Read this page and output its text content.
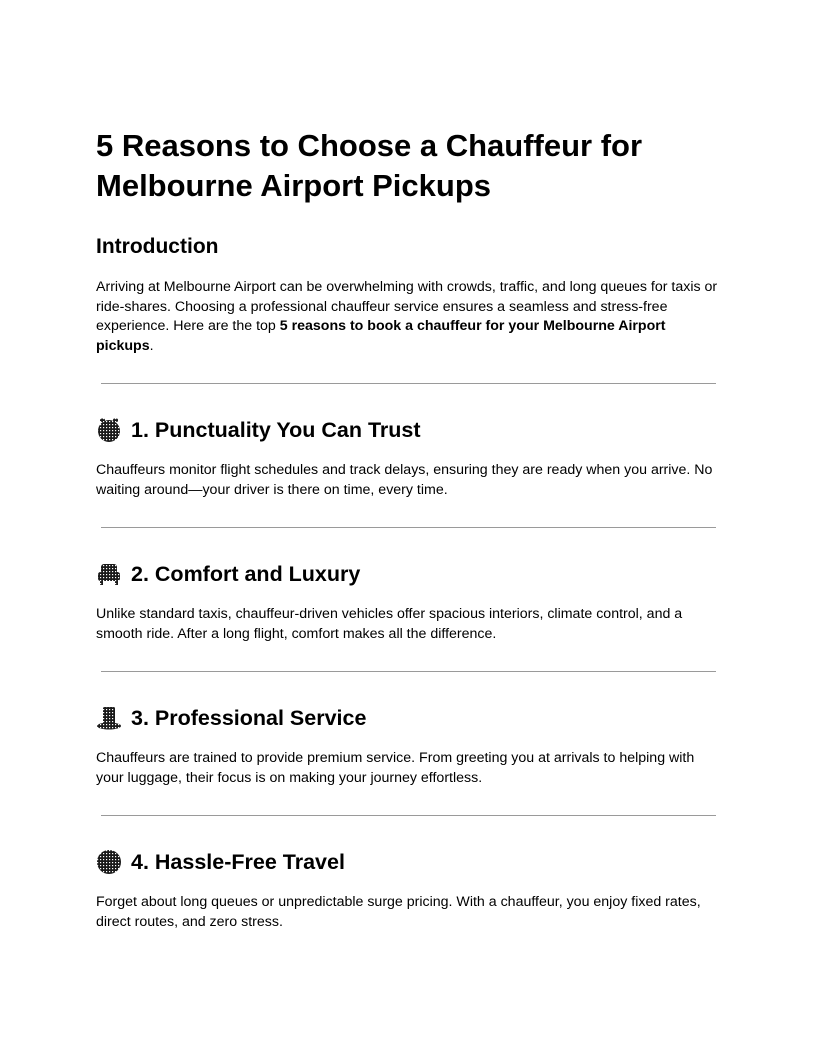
5 Reasons to Choose a Chauffeur for Melbourne Airport Pickups
Introduction

Arriving at Melbourne Airport can be overwhelming with crowds, traffic, and long queues for taxis or ride-shares. Choosing a professional chauffeur service ensures a seamless and stress-free experience. Here are the top 5 reasons to book a chauffeur for your Melbourne Airport pickups.

1. Punctuality You Can Trust

Chauffeurs monitor flight schedules and track delays, ensuring they are ready when you arrive. No waiting around—your driver is there on time, every time.

2. Comfort and Luxury

Unlike standard taxis, chauffeur-driven vehicles offer spacious interiors, climate control, and a smooth ride. After a long flight, comfort makes all the difference.

3. Professional Service

Chauffeurs are trained to provide premium service. From greeting you at arrivals to helping with your luggage, their focus is on making your journey effortless.

4. Hassle-Free Travel

Forget about long queues or unpredictable surge pricing. With a chauffeur, you enjoy fixed rates, direct routes, and zero stress.
